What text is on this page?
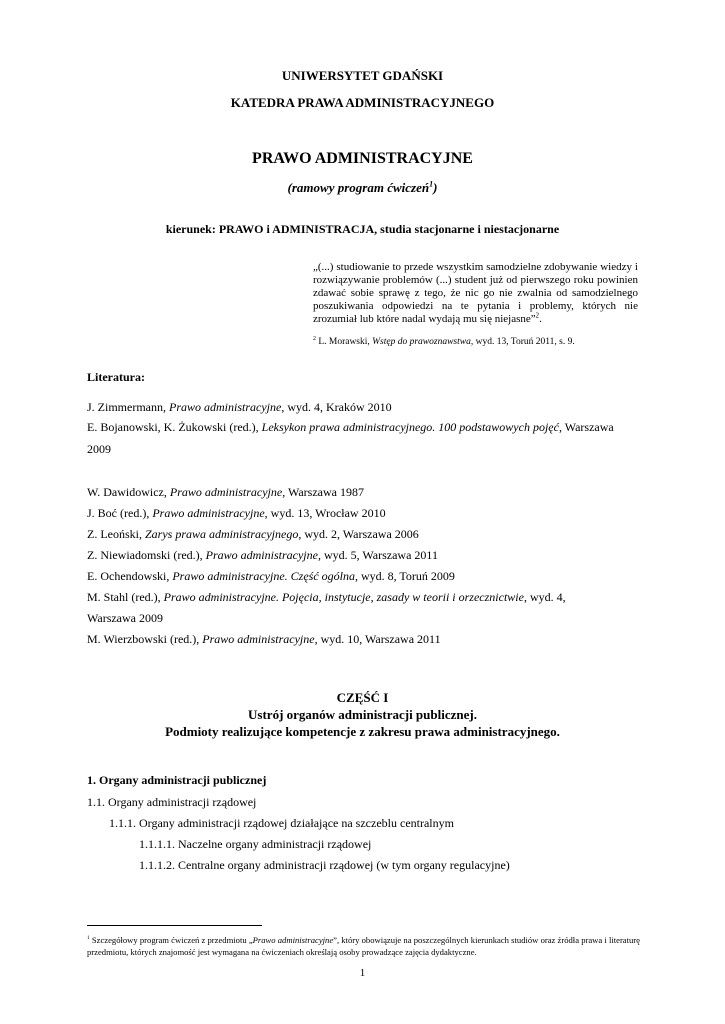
UNIWERSYTET GDAŃSKI
KATEDRA PRAWA ADMINISTRACYJNEGO
PRAWO ADMINISTRACYJNE
(ramowy program ćwiczeń$^1$)
kierunek: PRAWO i ADMINISTRACJA, studia stacjonarne i niestacjonarne
„(...) studiowanie to przede wszystkim samodzielne zdobywanie wiedzy i rozwiązywanie problemów (...) student już od pierwszego roku powinien zdawać sobie sprawę z tego, że nic go nie zwalnia od samodzielnego poszukiwania odpowiedzi na te pytania i problemy, których nie zrozumiał lub które nadal wydają mu się niejasne”$^2$.
$^2$ L. Morawski, Wstęp do prawoznawstwa, wyd. 13, Toruń 2011, s. 9.
Literatura:
J. Zimmermann, Prawo administracyjne, wyd. 4, Kraków 2010
E. Bojanowski, K. Żukowski (red.), Leksykon prawa administracyjnego. 100 podstawowych pojęć, Warszawa
2009
W. Dawidowicz, Prawo administracyjne, Warszawa 1987
J. Boć (red.), Prawo administracyjne, wyd. 13, Wrocław 2010
Z. Leoński, Zarys prawa administracyjnego, wyd. 2, Warszawa 2006
Z. Niewiadomski (red.), Prawo administracyjne, wyd. 5, Warszawa 2011
E. Ochendowski, Prawo administracyjne. Część ogólna, wyd. 8, Toruń 2009
M. Stahl (red.), Prawo administracyjne. Pojęcia, instytucje, zasady w teorii i orzecznictwie, wyd. 4,
Warszawa 2009
M. Wierzbowski (red.), Prawo administracyjne, wyd. 10, Warszawa 2011
CZĘŚĆ I
Ustrój organów administracji publicznej.
Podmioty realizujące kompetencje z zakresu prawa administracyjnego.
1. Organy administracji publicznej
1.1. Organy administracji rządowej
1.1.1. Organy administracji rządowej działające na szczeblu centralnym
1.1.1.1. Naczelne organy administracji rządowej
1.1.1.2. Centralne organy administracji rządowej (w tym organy regulacyjne)
$^1$ Szczegółowy program ćwiczeń z przedmiotu „Prawo administracyjne”, który obowiązuje na poszczególnych kierunkach studiów oraz źródła prawa i literaturę przedmiotu, których znajomość jest wymagana na ćwiczeniach określają osoby prowadzące zajęcia dydaktyczne.
1
